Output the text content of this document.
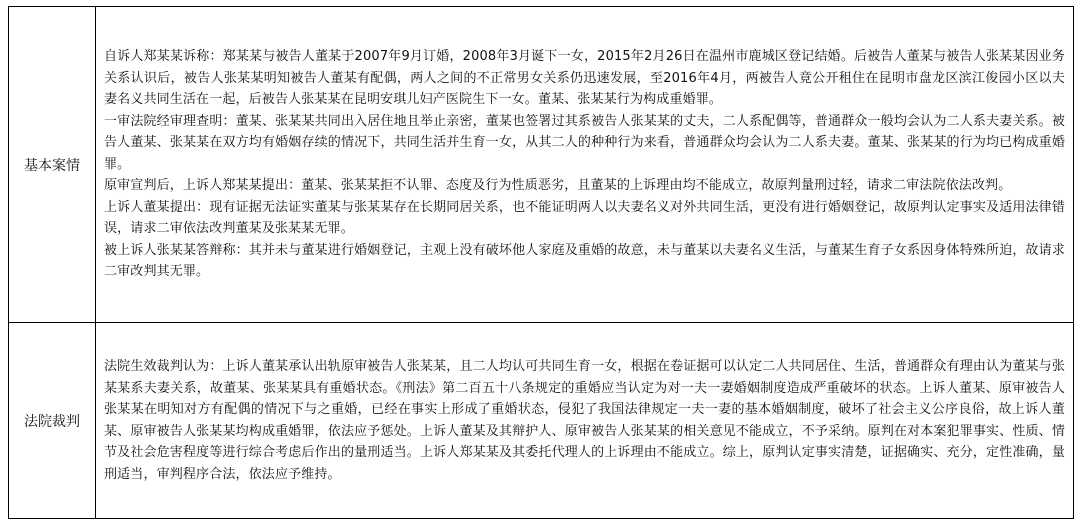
基本案情	自诉人郑某某诉称：郑某某与被告人董某于2007年9月订婚，2008年3月诞下一女，2015年2月26日在温州市鹿城区登记结婚。后被告人董某与被告人张某某因业务关系认识后，被告人张某某明知被告人董某有配偶，两人之间的不正常男女关系仍迅速发展，至2016年4月，两被告人竟公开租住在昆明市盘龙区滨江俊园小区以夫妻名义共同生活在一起，后被告人张某某在昆明安琪儿妇产医院生下一女。董某、张某某行为构成重婚罪。

一审法院经审理查明：董某、张某某共同出入居住地且举止亲密，董某也签署过其系被告人张某某的丈夫，二人系配偶等，普通群众一般均会认为二人系夫妻关系。被告人董某、张某某在双方均有婚姻存续的情况下，共同生活并生育一女，从其二人的种种行为来看，普通群众均会认为二人系夫妻。董某、张某某的行为均已构成重婚罪。

原审宣判后，上诉人郑某某提出：董某、张某某拒不认罪、态度及行为性质恶劣，且董某的上诉理由均不能成立，故原判量刑过轻，请求二审法院依法改判。

上诉人董某提出：现有证据无法证实董某与张某某存在长期同居关系，也不能证明两人以夫妻名义对外共同生活，更没有进行婚姻登记，故原判认定事实及适用法律错误，请求二审依法改判董某及张某某无罪。

被上诉人张某某答辩称：其并未与董某进行婚姻登记，主观上没有破坏他人家庭及重婚的故意，未与董某以夫妻名义生活，与董某生育子女系因身体特殊所迫，故请求二审改判其无罪。

法院裁判	法院生效裁判认为：上诉人董某承认出轨原审被告人张某某，且二人均认可共同生育一女，根据在卷证据可以认定二人共同居住、生活，普通群众有理由认为董某与张某某系夫妻关系，故董某、张某某具有重婚状态。《刑法》第二百五十八条规定的重婚应当认定为对一夫一妻婚姻制度造成严重破坏的状态。上诉人董某、原审被告人张某某在明知对方有配偶的情况下与之重婚，已经在事实上形成了重婚状态，侵犯了我国法律规定一夫一妻的基本婚姻制度，破坏了社会主义公序良俗，故上诉人董某、原审被告人张某某均构成重婚罪，依法应予惩处。上诉人董某及其辩护人、原审被告人张某某的相关意见不能成立，不予采纳。原判在对本案犯罪事实、性质、情节及社会危害程度等进行综合考虑后作出的量刑适当。上诉人郑某某及其委托代理人的上诉理由不能成立。综上，原判认定事实清楚，证据确实、充分，定性准确，量刑适当，审判程序合法，依法应予维持。
